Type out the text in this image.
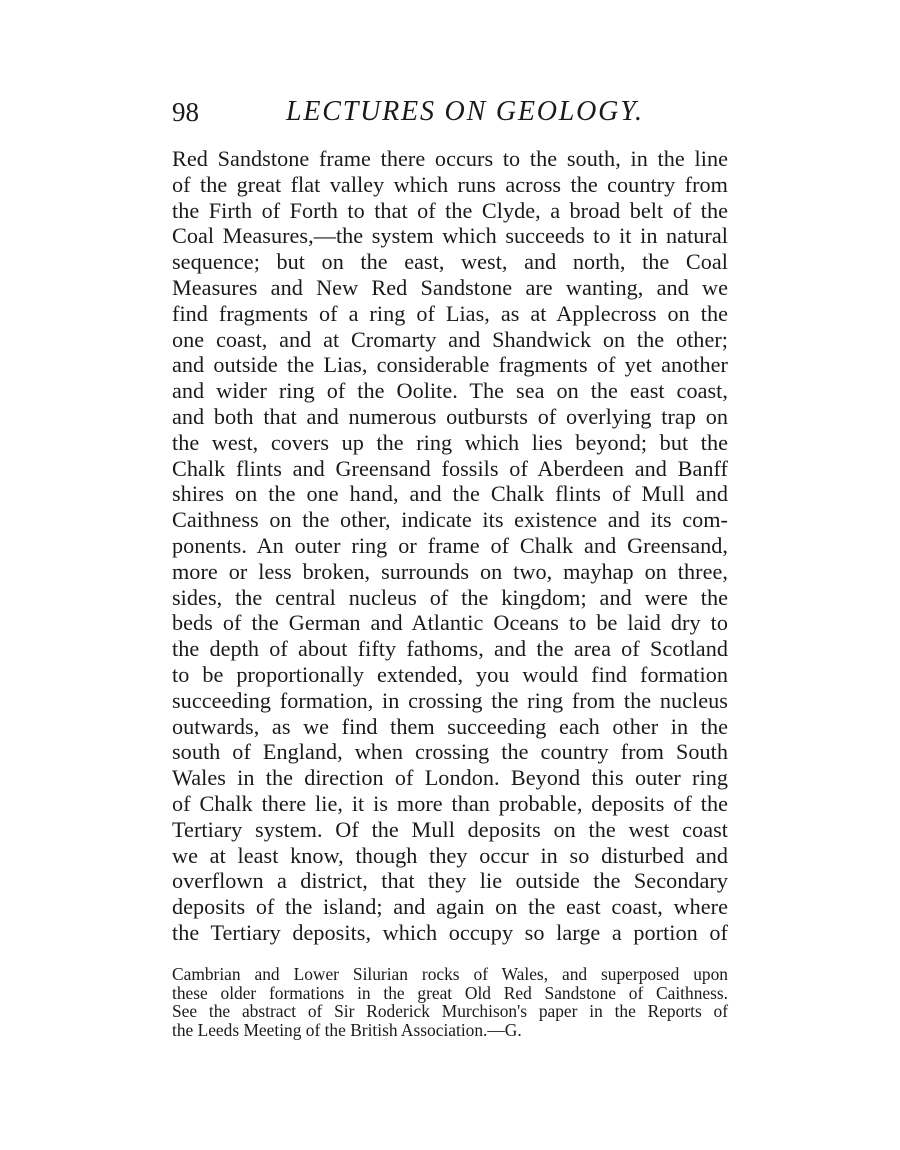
98	LECTURES ON GEOLOGY.
Red Sandstone frame there occurs to the south, in the line
of the great flat valley which runs across the country from
the Firth of Forth to that of the Clyde, a broad belt of the
Coal Measures,—the system which succeeds to it in natural
sequence; but on the east, west, and north, the Coal
Measures and New Red Sandstone are wanting, and we
find fragments of a ring of Lias, as at Applecross on the
one coast, and at Cromarty and Shandwick on the other;
and outside the Lias, considerable fragments of yet another
and wider ring of the Oolite. The sea on the east coast,
and both that and numerous outbursts of overlying trap on
the west, covers up the ring which lies beyond; but the
Chalk flints and Greensand fossils of Aberdeen and Banff
shires on the one hand, and the Chalk flints of Mull and
Caithness on the other, indicate its existence and its com-
ponents. An outer ring or frame of Chalk and Greensand,
more or less broken, surrounds on two, mayhap on three,
sides, the central nucleus of the kingdom; and were the
beds of the German and Atlantic Oceans to be laid dry to
the depth of about fifty fathoms, and the area of Scotland
to be proportionally extended, you would find formation
succeeding formation, in crossing the ring from the nucleus
outwards, as we find them succeeding each other in the
south of England, when crossing the country from South
Wales in the direction of London. Beyond this outer ring
of Chalk there lie, it is more than probable, deposits of the
Tertiary system. Of the Mull deposits on the west coast
we at least know, though they occur in so disturbed and
overflown a district, that they lie outside the Secondary
deposits of the island; and again on the east coast, where
the Tertiary deposits, which occupy so large a portion of
Cambrian and Lower Silurian rocks of Wales, and superposed upon
these older formations in the great Old Red Sandstone of Caithness.
See the abstract of Sir Roderick Murchison's paper in the Reports of
the Leeds Meeting of the British Association.—G.
